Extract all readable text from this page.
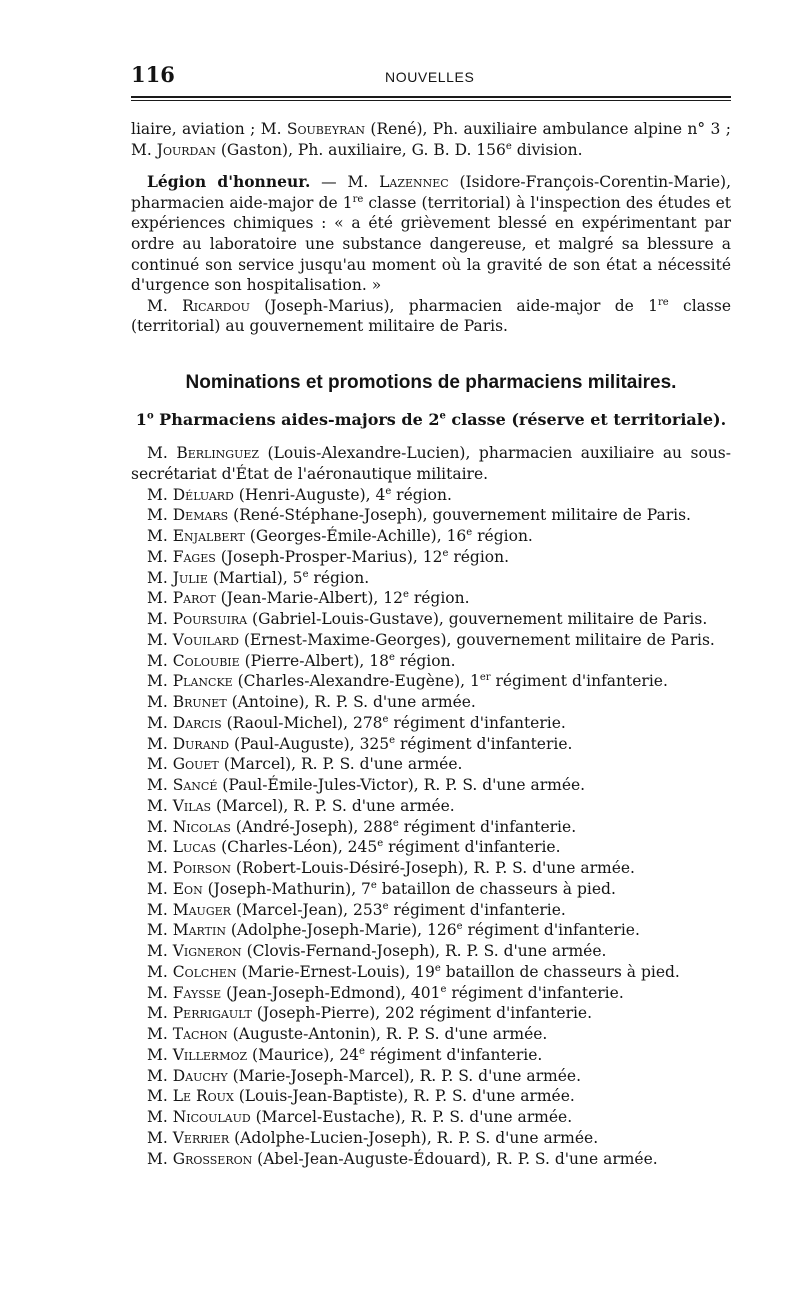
116	NOUVELLES

liaire, aviation ; M. Soubeyran (René), Ph. auxiliaire ambulance alpine n° 3 ; M. Jourdan (Gaston), Ph. auxiliaire, G. B. D. 156e division.

Légion d'honneur. — M. Lazennec (Isidore-François-Corentin-Marie), pharmacien aide-major de 1re classe (territorial) à l'inspection des études et expériences chimiques : « a été grièvement blessé en expérimentant par ordre au laboratoire une substance dangereuse, et malgré sa blessure a continué son service jusqu'au moment où la gravité de son état a nécessité d'urgence son hospitalisation. »

M. Ricardou (Joseph-Marius), pharmacien aide-major de 1re classe (territorial) au gouvernement militaire de Paris.

Nominations et promotions de pharmaciens militaires.
1$^o$ Pharmaciens aides-majors de 2e classe (réserve et territoriale).

M. Berlinguez (Louis-Alexandre-Lucien), pharmacien auxiliaire au sous-secrétariat d'État de l'aéronautique militaire.

M. Déluard (Henri-Auguste), 4e région.
M. Demars (René-Stéphane-Joseph), gouvernement militaire de Paris.
M. Enjalbert (Georges-Émile-Achille), 16e région.
M. Fages (Joseph-Prosper-Marius), 12e région.
M. Julie (Martial), 5e région.
M. Parot (Jean-Marie-Albert), 12e région.
M. Poursuira (Gabriel-Louis-Gustave), gouvernement militaire de Paris.
M. Vouilard (Ernest-Maxime-Georges), gouvernement militaire de Paris.
M. Coloubie (Pierre-Albert), 18e région.
M. Plancke (Charles-Alexandre-Eugène), 1er régiment d'infanterie.
M. Brunet (Antoine), R. P. S. d'une armée.
M. Darcis (Raoul-Michel), 278e régiment d'infanterie.
M. Durand (Paul-Auguste), 325e régiment d'infanterie.
M. Gouet (Marcel), R. P. S. d'une armée.
M. Sancé (Paul-Émile-Jules-Victor), R. P. S. d'une armée.
M. Vilas (Marcel), R. P. S. d'une armée.
M. Nicolas (André-Joseph), 288e régiment d'infanterie.
M. Lucas (Charles-Léon), 245e régiment d'infanterie.
M. Poirson (Robert-Louis-Désiré-Joseph), R. P. S. d'une armée.
M. Eon (Joseph-Mathurin), 7e bataillon de chasseurs à pied.
M. Mauger (Marcel-Jean), 253e régiment d'infanterie.
M. Martin (Adolphe-Joseph-Marie), 126e régiment d'infanterie.
M. Vigneron (Clovis-Fernand-Joseph), R. P. S. d'une armée.
M. Colchen (Marie-Ernest-Louis), 19e bataillon de chasseurs à pied.
M. Faysse (Jean-Joseph-Edmond), 401e régiment d'infanterie.
M. Perrigault (Joseph-Pierre), 202 régiment d'infanterie.
M. Tachon (Auguste-Antonin), R. P. S. d'une armée.
M. Villermoz (Maurice), 24e régiment d'infanterie.
M. Dauchy (Marie-Joseph-Marcel), R. P. S. d'une armée.
M. Le Roux (Louis-Jean-Baptiste), R. P. S. d'une armée.
M. Nicoulaud (Marcel-Eustache), R. P. S. d'une armée.
M. Verrier (Adolphe-Lucien-Joseph), R. P. S. d'une armée.
M. Grosseron (Abel-Jean-Auguste-Édouard), R. P. S. d'une armée.
